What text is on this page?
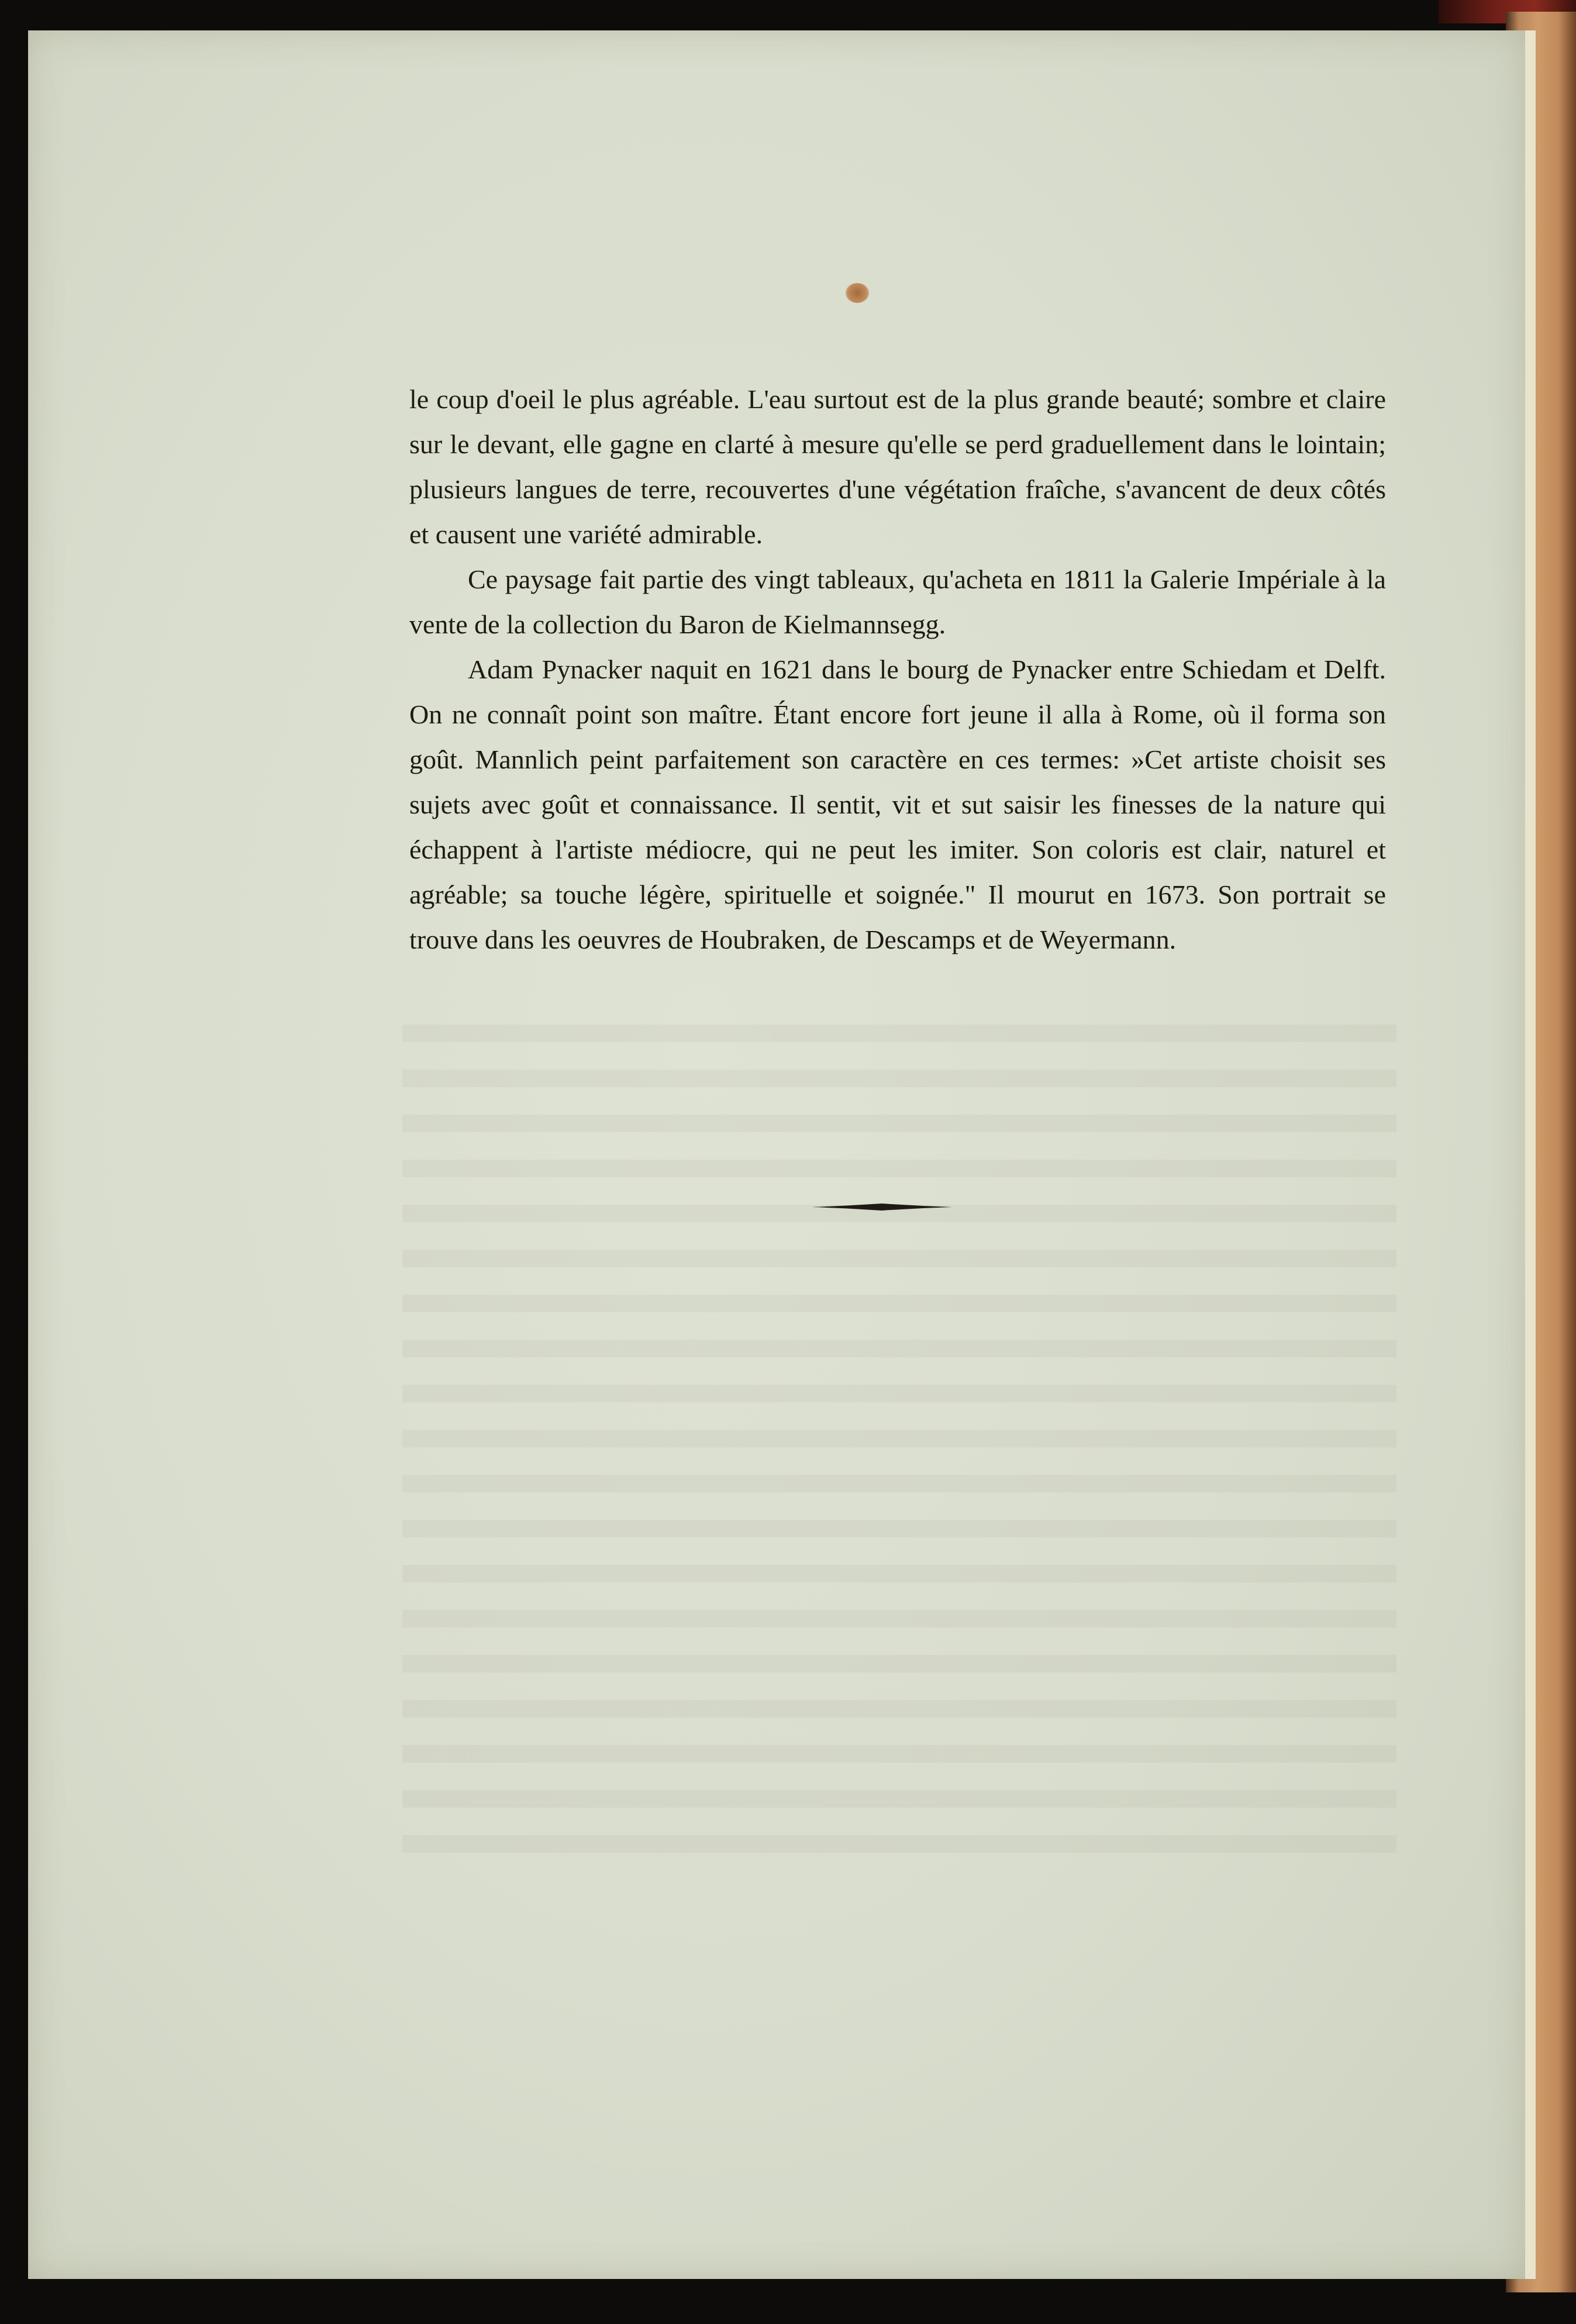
le coup d'oeil le plus agréable. L'eau surtout est de la plus grande beauté; sombre et claire sur le devant, elle gagne en clarté à mesure qu'elle se perd graduellement dans le lointain; plusieurs langues de terre, recouvertes d'une végétation fraîche, s'avancent de deux côtés et causent une variété admirable.

Ce paysage fait partie des vingt tableaux, qu'acheta en 1811 la Galerie Impériale à la vente de la collection du Baron de Kielmannsegg.

Adam Pynacker naquit en 1621 dans le bourg de Pynacker entre Schiedam et Delft. On ne connaît point son maître. Étant encore fort jeune il alla à Rome, où il forma son goût. Mannlich peint parfaitement son caractère en ces termes: »Cet artiste choisit ses sujets avec goût et connaissance. Il sentit, vit et sut saisir les finesses de la nature qui échappent à l'artiste médiocre, qui ne peut les imiter. Son coloris est clair, naturel et agréable; sa touche légère, spirituelle et soignée." Il mourut en 1673. Son portrait se trouve dans les oeuvres de Houbraken, de Descamps et de Weyermann.
